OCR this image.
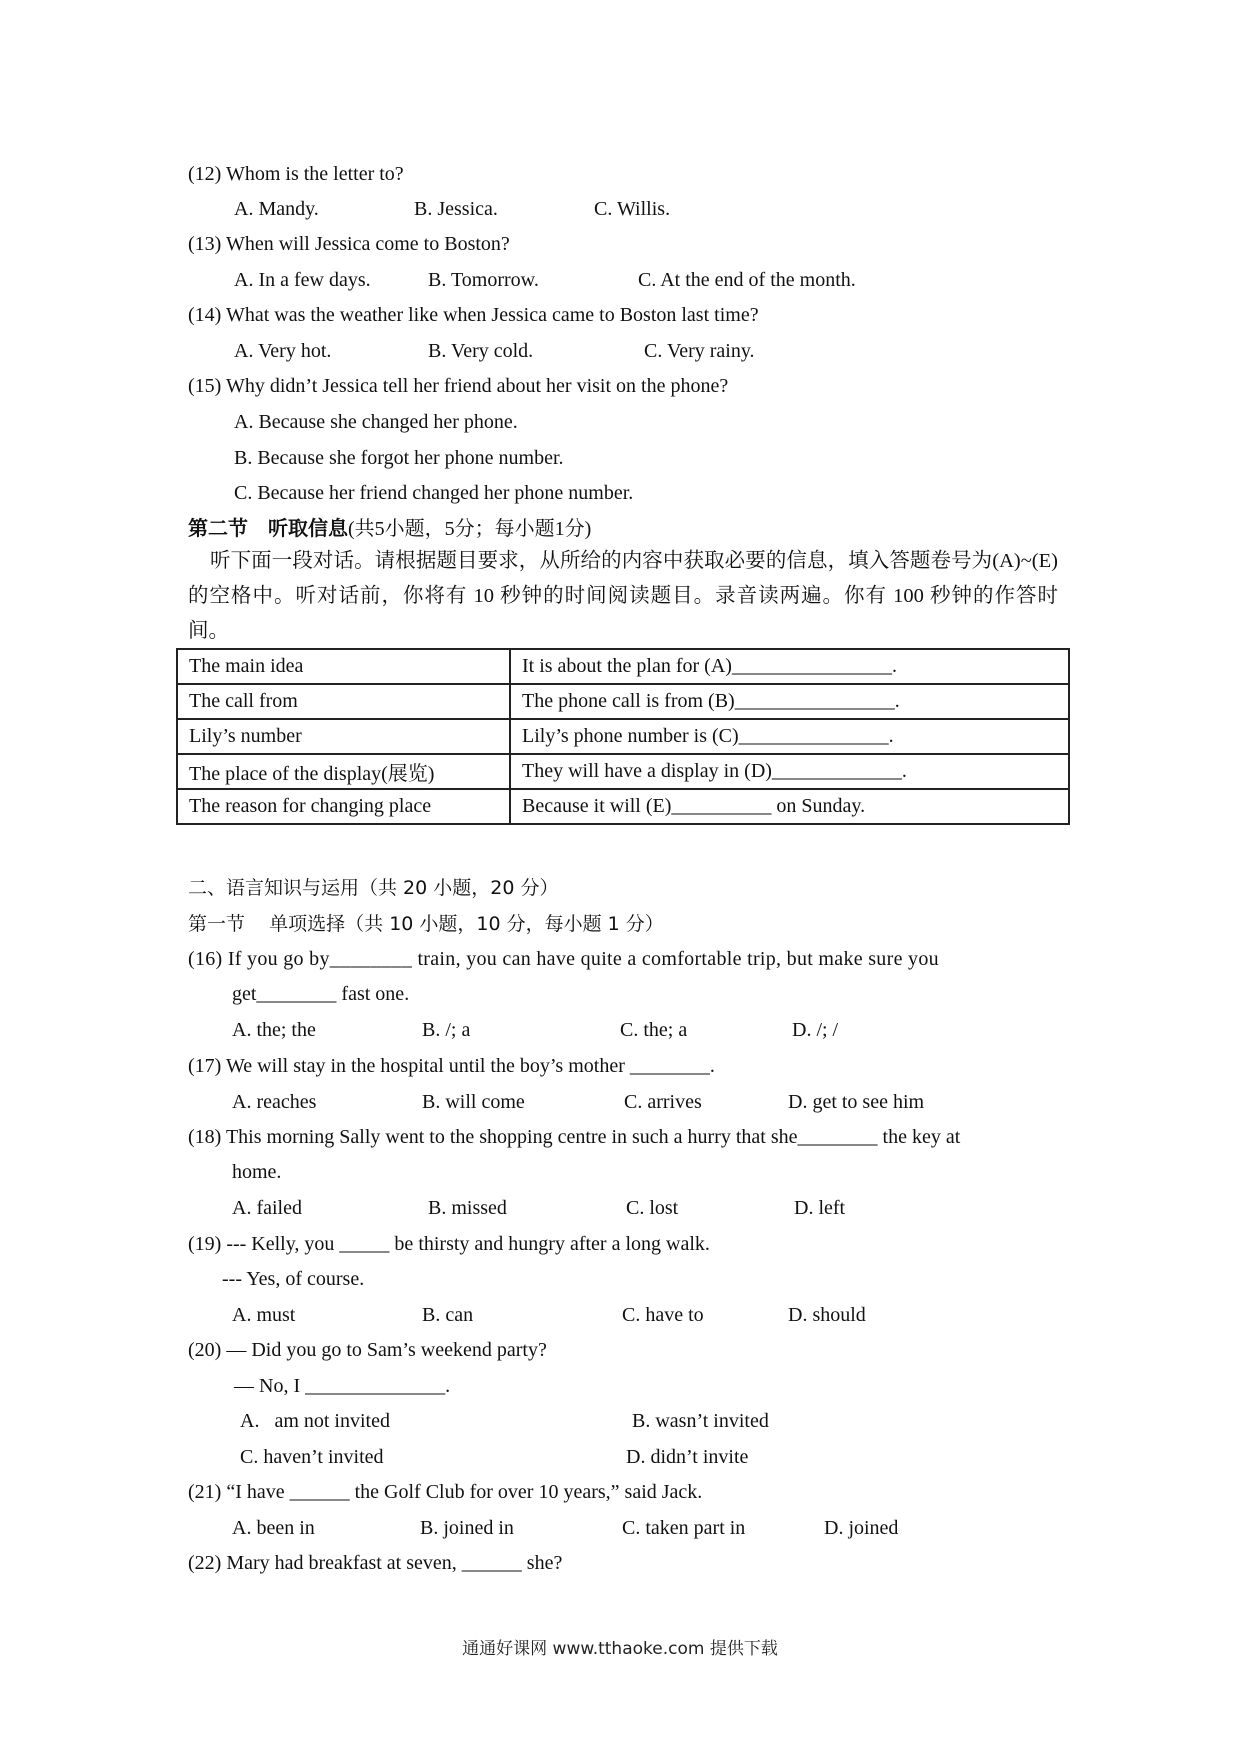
(12) Whom is the letter to?
A. Mandy.	B. Jessica.	C. Willis.
(13) When will Jessica come to Boston?
A. In a few days.	B. Tomorrow.	C. At the end of the month.
(14) What was the weather like when Jessica came to Boston last time?
A. Very hot.	B. Very cold.	C. Very rainy.
(15) Why didn’t Jessica tell her friend about her visit on the phone?
A. Because she changed her phone.
B. Because she forgot her phone number.
C. Because her friend changed her phone number.
第二节 听取信息(共5小题，5分；每小题1分)
听下面一段对话。请根据题目要求，从所给的内容中获取必要的信息，填入答题卷号为(A)~(E)的空格中。听对话前，你将有 10 秒钟的时间阅读题目。录音读两遍。你有 100 秒钟的作答时间。
The main idea	It is about the plan for (A)________________.
The call from	The phone call is from (B)________________.
Lily’s number	Lily’s phone number is (C)_______________.
The place of the display(展览)	They will have a display in (D)_____________.
The reason for changing place	Because it will (E)__________ on Sunday.
二、语言知识与运用（共 20 小题，20 分）
第一节    单项选择（共 10 小题，10 分，每小题 1 分）
(16) If you go by________ train, you can have quite a comfortable trip, but make sure you
get________ fast one.
A. the; the	B. /; a	C. the; a	D. /; /
(17) We will stay in the hospital until the boy’s mother ________.
A. reaches	B. will come	C. arrives	D. get to see him
(18) This morning Sally went to the shopping centre in such a hurry that she________ the key at
home.
A. failed	B. missed	C. lost	D. left
(19) --- Kelly, you _____ be thirsty and hungry after a long walk.
--- Yes, of course.
A. must	B. can	C. have to	D. should
(20) — Did you go to Sam’s weekend party?
— No, I ______________.
A.   am not invited	B. wasn’t invited
C. haven’t invited	D. didn’t invite
(21) “I have ______ the Golf Club for over 10 years,” said Jack.
A. been in	B. joined in	C. taken part in	D. joined
(22) Mary had breakfast at seven, ______ she?
通通好课网 www.tthaoke.com 提供下载
